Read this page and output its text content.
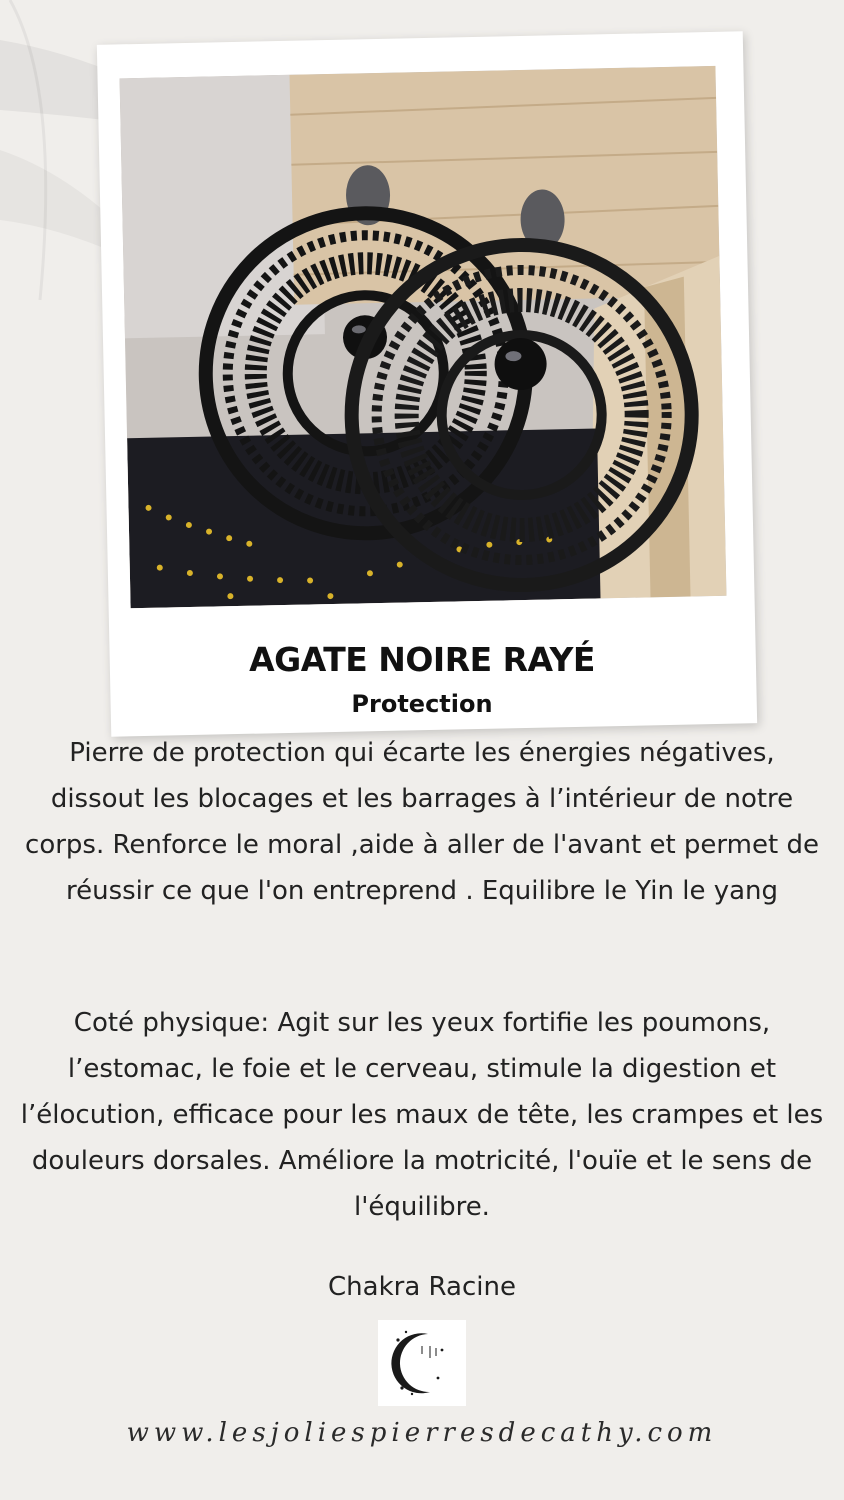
AGATE NOIRE RAYÉ
Protection

Pierre de protection qui écarte les énergies négatives, dissout les blocages et les barrages à l’intérieur de notre corps. Renforce le moral ,aide à aller de l'avant et permet de réussir ce que l'on entreprend . Equilibre le Yin le yang

Coté physique: Agit sur les yeux fortifie les poumons, l’estomac, le foie et le cerveau, stimule la digestion et l’élocution, efficace pour les maux de tête, les crampes et les douleurs dorsales. Améliore la motricité, l'ouïe et le sens de l'équilibre.

Chakra Racine

www.lesjoliespierresdecathy.com
